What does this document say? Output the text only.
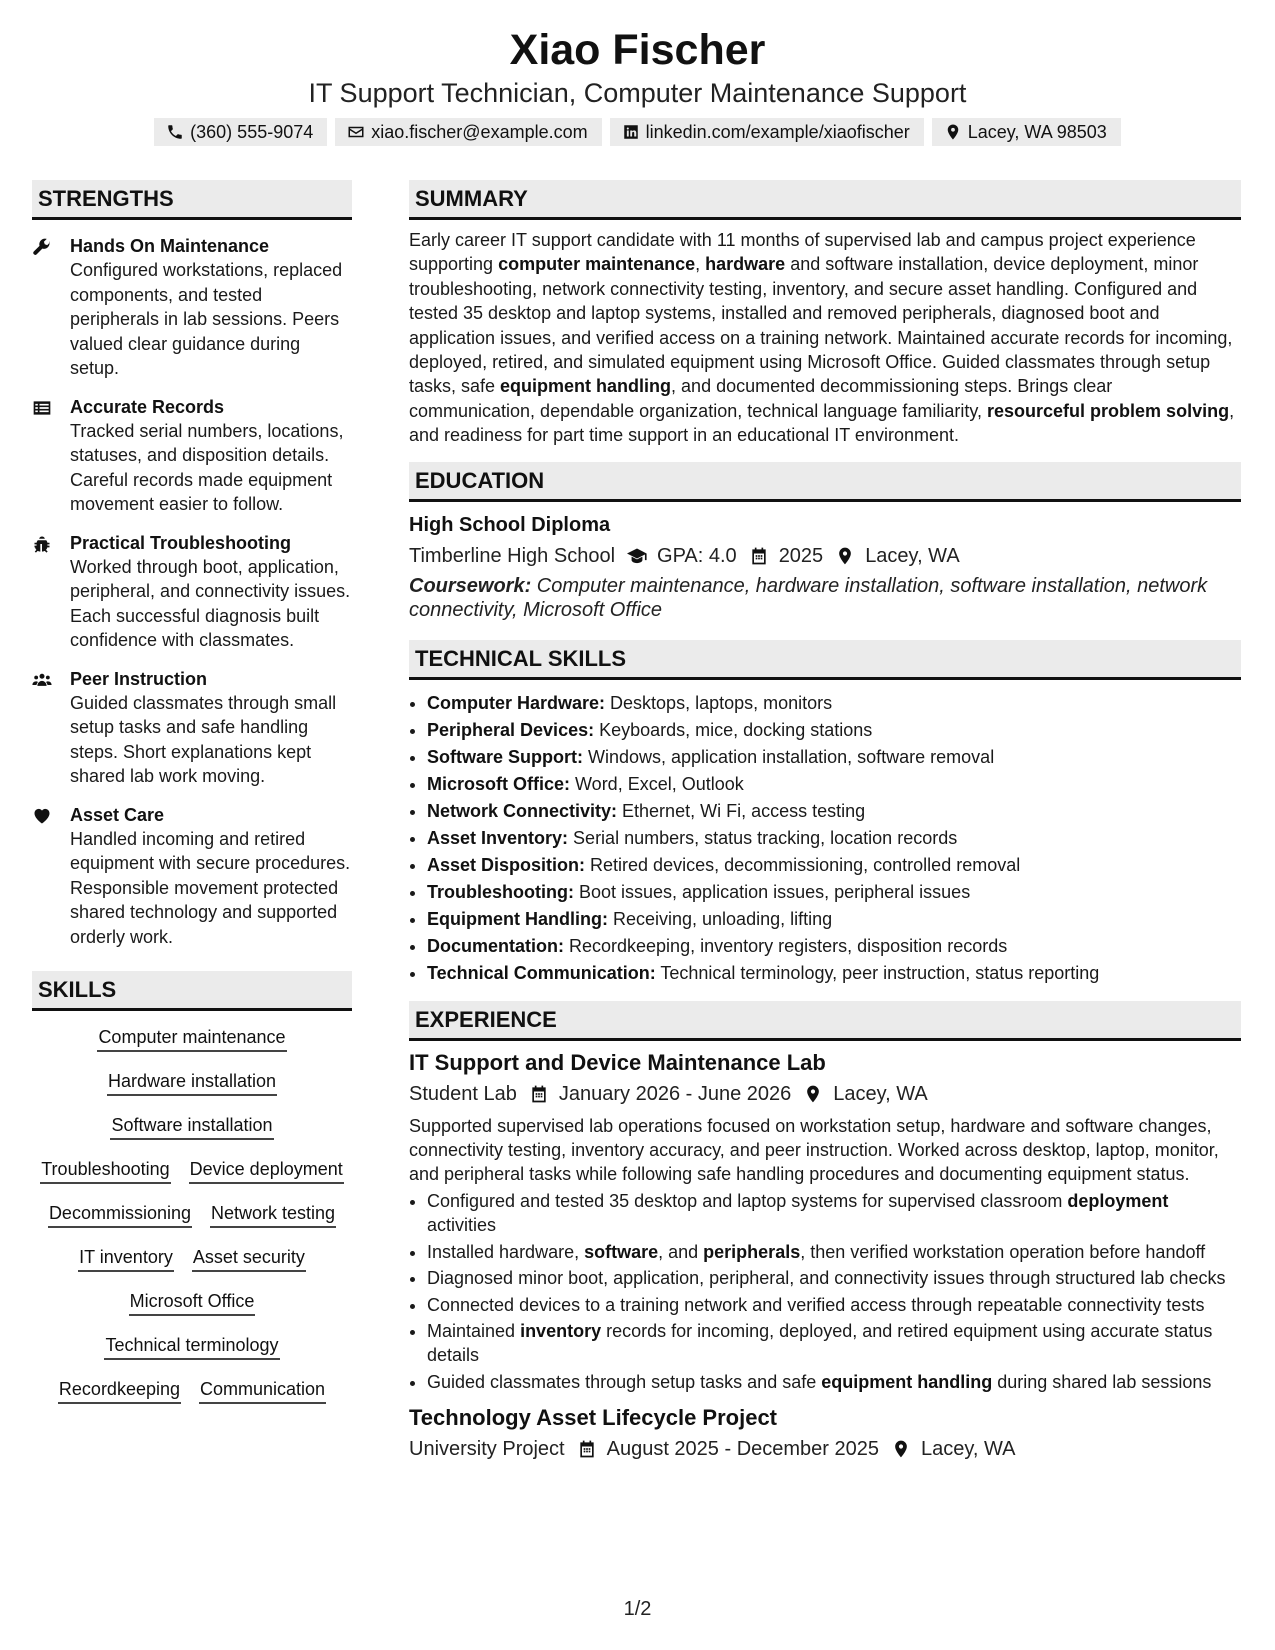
Xiao Fischer
IT Support Technician, Computer Maintenance Support
(360) 555-9074	xiao.fischer@example.com	linkedin.com/example/xiaofischer	Lacey, WA 98503
STRENGTHS
Hands On Maintenance
Configured workstations, replaced components, and tested peripherals in lab sessions. Peers valued clear guidance during setup.
Accurate Records
Tracked serial numbers, locations, statuses, and disposition details. Careful records made equipment movement easier to follow.
Practical Troubleshooting
Worked through boot, application, peripheral, and connectivity issues. Each successful diagnosis built confidence with classmates.
Peer Instruction
Guided classmates through small setup tasks and safe handling steps. Short explanations kept shared lab work moving.
Asset Care
Handled incoming and retired equipment with secure procedures. Responsible movement protected shared technology and supported orderly work.
SKILLS
Computer maintenance
Hardware installation
Software installation
Troubleshooting Device deployment
Decommissioning Network testing
IT inventory Asset security
Microsoft Office
Technical terminology
Recordkeeping Communication
SUMMARY
Early career IT support candidate with 11 months of supervised lab and campus project experience supporting computer maintenance, hardware and software installation, device deployment, minor troubleshooting, network connectivity testing, inventory, and secure asset handling. Configured and tested 35 desktop and laptop systems, installed and removed peripherals, diagnosed boot and application issues, and verified access on a training network. Maintained accurate records for incoming, deployed, retired, and simulated equipment using Microsoft Office. Guided classmates through setup tasks, safe equipment handling, and documented decommissioning steps. Brings clear communication, dependable organization, technical language familiarity, resourceful problem solving, and readiness for part time support in an educational IT environment.
EDUCATION
High School Diploma
Timberline High School GPA: 4.0 2025 Lacey, WA
Coursework: Computer maintenance, hardware installation, software installation, network connectivity, Microsoft Office
TECHNICAL SKILLS
• Computer Hardware: Desktops, laptops, monitors
• Peripheral Devices: Keyboards, mice, docking stations
• Software Support: Windows, application installation, software removal
• Microsoft Office: Word, Excel, Outlook
• Network Connectivity: Ethernet, Wi Fi, access testing
• Asset Inventory: Serial numbers, status tracking, location records
• Asset Disposition: Retired devices, decommissioning, controlled removal
• Troubleshooting: Boot issues, application issues, peripheral issues
• Equipment Handling: Receiving, unloading, lifting
• Documentation: Recordkeeping, inventory registers, disposition records
• Technical Communication: Technical terminology, peer instruction, status reporting
EXPERIENCE
IT Support and Device Maintenance Lab
Student Lab January 2026 - June 2026 Lacey, WA
Supported supervised lab operations focused on workstation setup, hardware and software changes, connectivity testing, inventory accuracy, and peer instruction. Worked across desktop, laptop, monitor, and peripheral tasks while following safe handling procedures and documenting equipment status.
• Configured and tested 35 desktop and laptop systems for supervised classroom deployment activities
• Installed hardware, software, and peripherals, then verified workstation operation before handoff
• Diagnosed minor boot, application, peripheral, and connectivity issues through structured lab checks
• Connected devices to a training network and verified access through repeatable connectivity tests
• Maintained inventory records for incoming, deployed, and retired equipment using accurate status details
• Guided classmates through setup tasks and safe equipment handling during shared lab sessions
Technology Asset Lifecycle Project
University Project August 2025 - December 2025 Lacey, WA
1/2
